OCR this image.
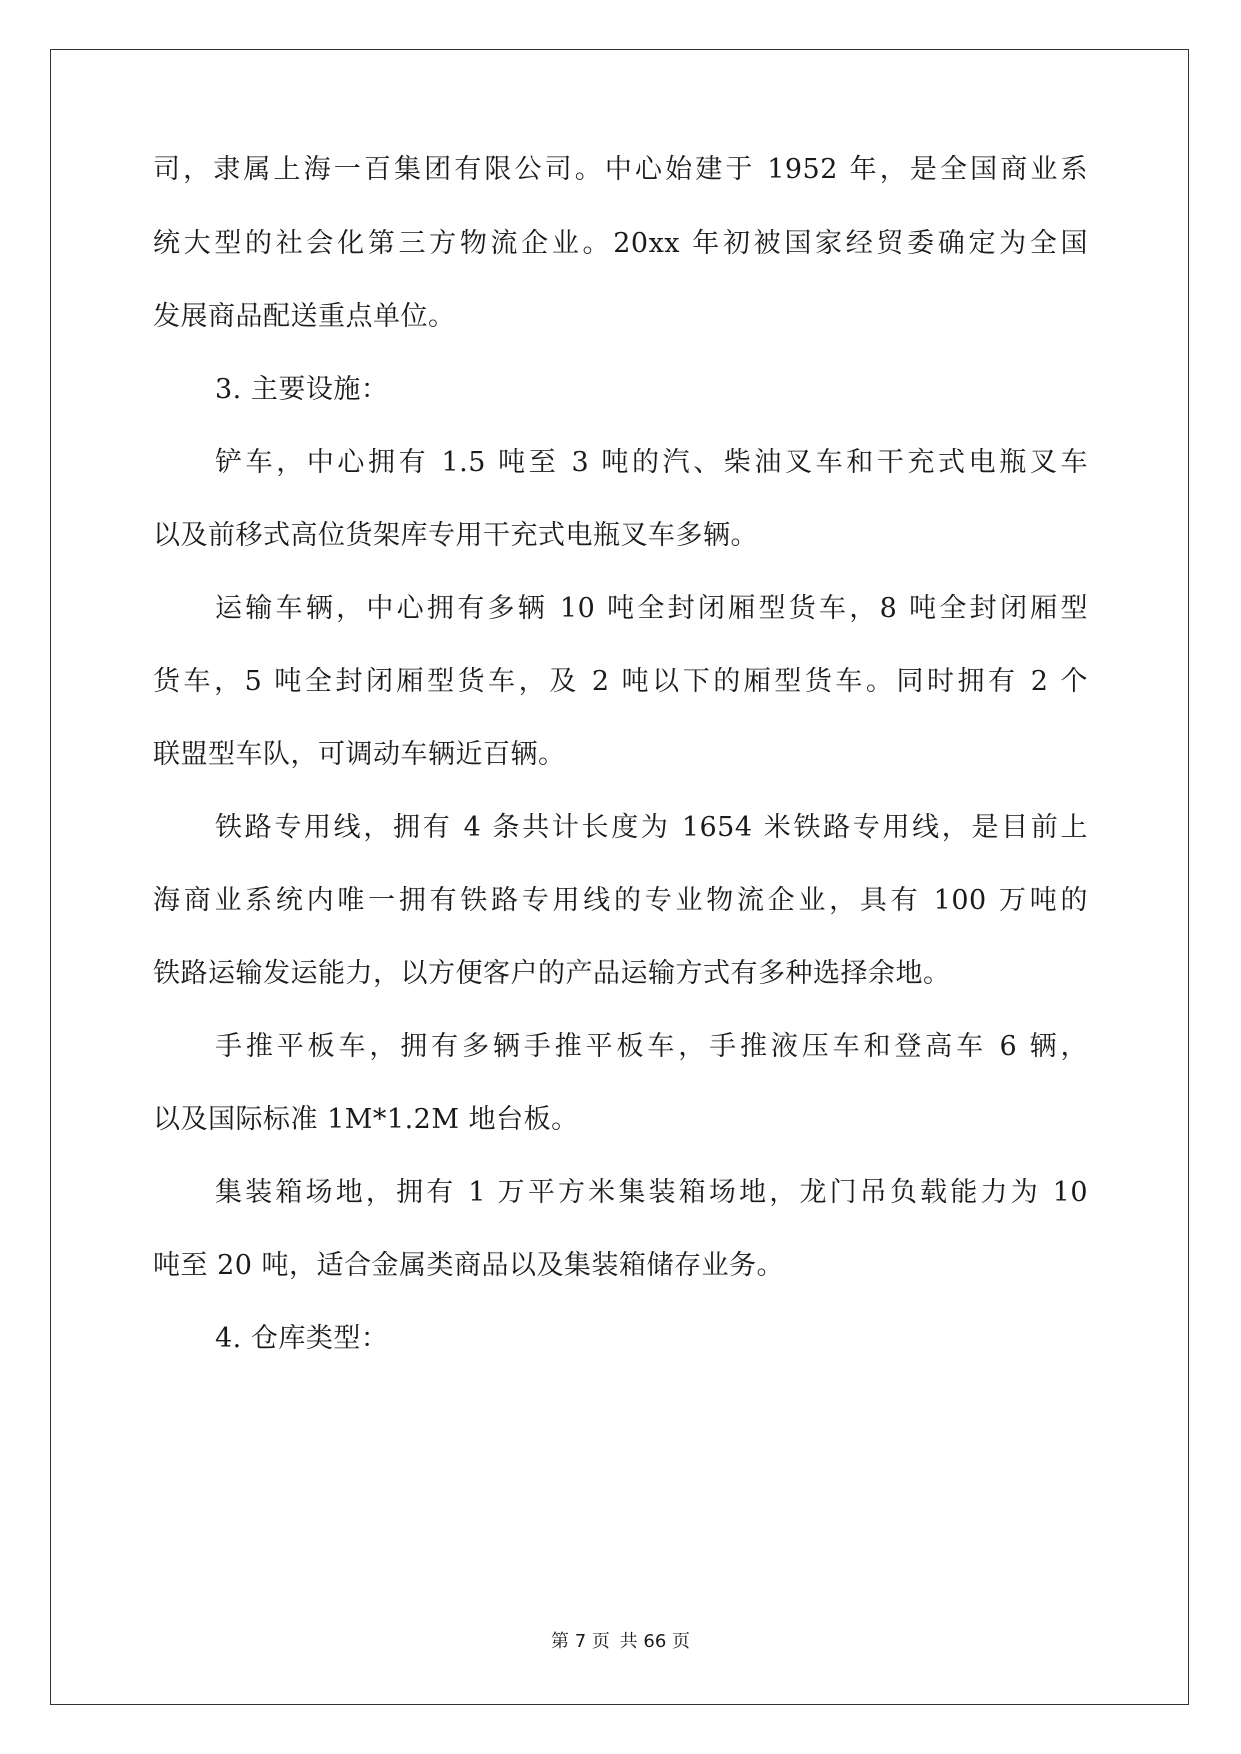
司，隶属上海一百集团有限公司。中心始建于 1952 年，是全国商业系
统大型的社会化第三方物流企业。20xx 年初被国家经贸委确定为全国
发展商品配送重点单位。
3. 主要设施：
铲车，中心拥有 1.5 吨至 3 吨的汽、柴油叉车和干充式电瓶叉车
以及前移式高位货架库专用干充式电瓶叉车多辆。
运输车辆，中心拥有多辆 10 吨全封闭厢型货车，8 吨全封闭厢型
货车，5 吨全封闭厢型货车，及 2 吨以下的厢型货车。同时拥有 2 个
联盟型车队，可调动车辆近百辆。
铁路专用线，拥有 4 条共计长度为 1654 米铁路专用线，是目前上
海商业系统内唯一拥有铁路专用线的专业物流企业，具有 100 万吨的
铁路运输发运能力，以方便客户的产品运输方式有多种选择余地。
手推平板车，拥有多辆手推平板车，手推液压车和登高车 6 辆，
以及国际标准 1M*1.2M 地台板。
集装箱场地，拥有 1 万平方米集装箱场地，龙门吊负载能力为 10
吨至 20 吨，适合金属类商品以及集装箱储存业务。
4. 仓库类型：
第 7 页 共 66 页
